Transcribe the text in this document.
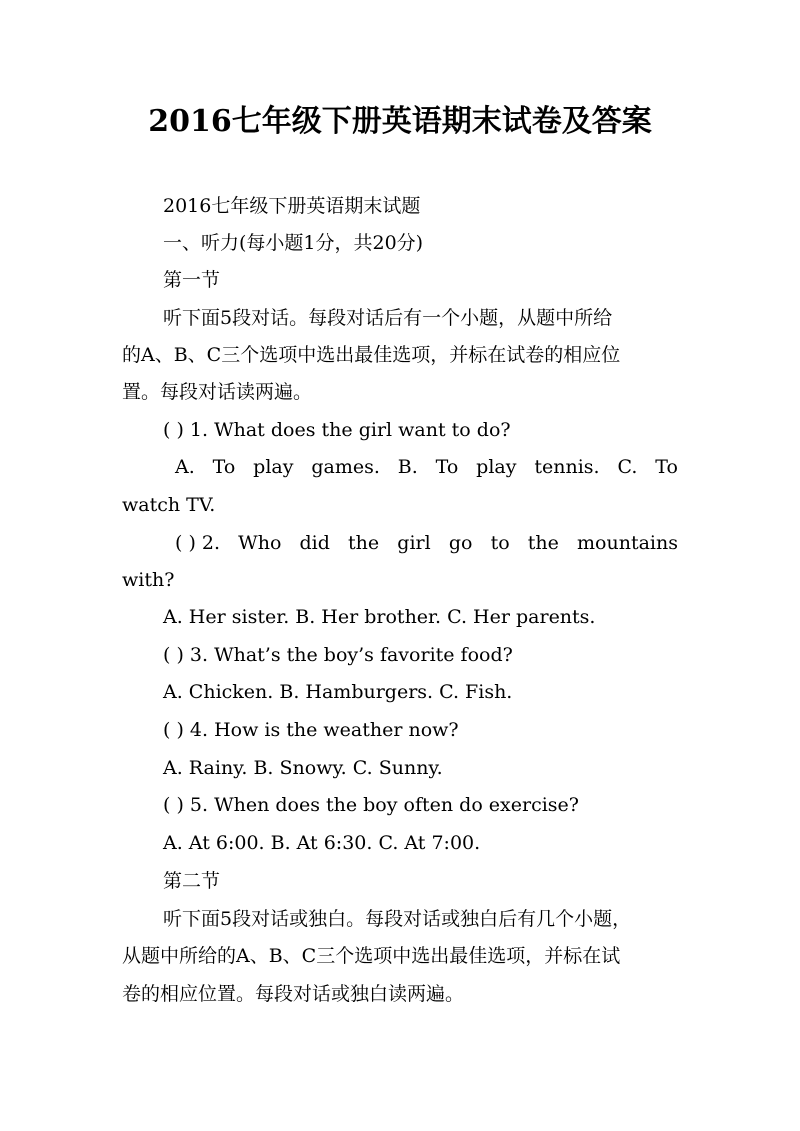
2016七年级下册英语期末试卷及答案
2016七年级下册英语期末试题
一、听力(每小题1分，共20分)
第一节
听下面5段对话。每段对话后有一个小题，从题中所给
的A、B、C三个选项中选出最佳选项，并标在试卷的相应位
置。每段对话读两遍。
( ) 1. What does the girl want to do?
A. To play games. B. To play tennis. C. To
watch TV.
( ) 2. Who did the girl go to the mountains
with?
A. Her sister. B. Her brother. C. Her parents.
( ) 3. What’s the boy’s favorite food?
A. Chicken. B. Hamburgers. C. Fish.
( ) 4. How is the weather now?
A. Rainy. B. Snowy. C. Sunny.
( ) 5. When does the boy often do exercise?
A. At 6:00. B. At 6:30. C. At 7:00.
第二节
听下面5段对话或独白。每段对话或独白后有几个小题，
从题中所给的A、B、C三个选项中选出最佳选项，并标在试
卷的相应位置。每段对话或独白读两遍。
